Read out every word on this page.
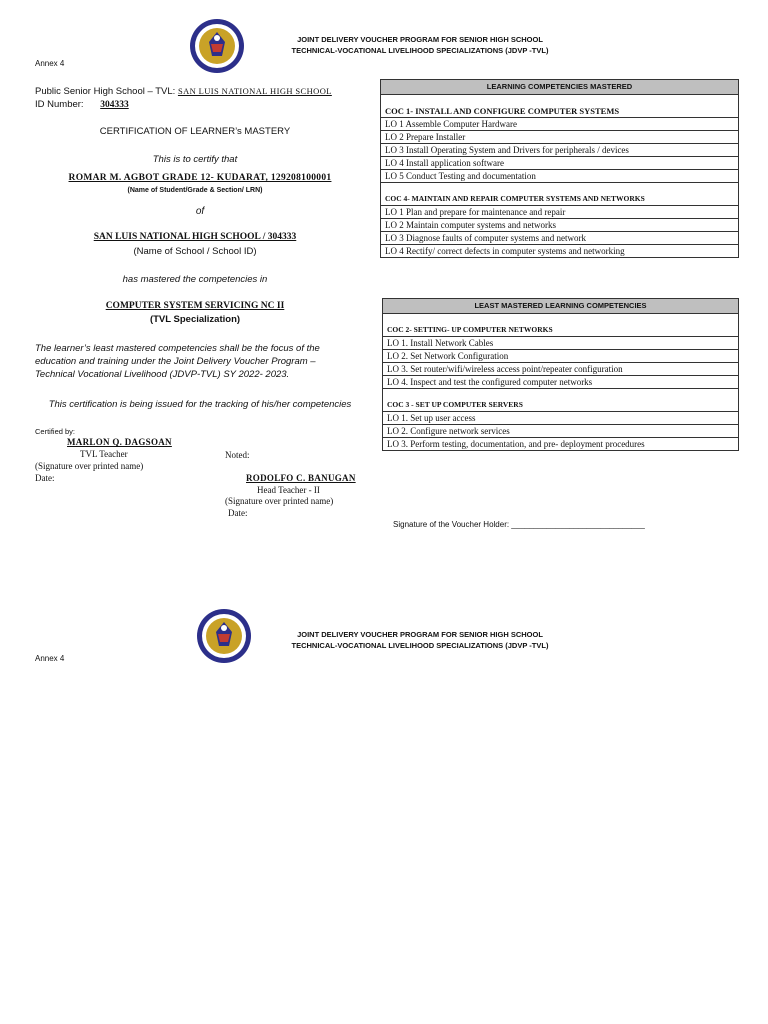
JOINT DELIVERY VOUCHER PROGRAM FOR SENIOR HIGH SCHOOL
TECHNICAL-VOCATIONAL LIVELIHOOD SPECIALIZATIONS (JDVP -TVL)
Annex 4
Public Senior High School – TVL: SAN LUIS NATIONAL HIGH SCHOOL
ID Number: 304333
CERTIFICATION OF LEARNER’s MASTERY
This is to certify that
ROMAR M. AGBOT GRADE 12- KUDARAT, 129208100001
(Name of Student/Grade & Section/ LRN)
of
SAN LUIS NATIONAL HIGH SCHOOL / 304333
(Name of School / School ID)
has mastered the competencies in
COMPUTER SYSTEM SERVICING NC II
(TVL Specialization)
The learner’s least mastered competencies shall be the focus of the education and training under the Joint Delivery Voucher Program – Technical Vocational Livelihood (JDVP-TVL) SY 2022- 2023.
This certification is being issued for the tracking of his/her competencies
Certified by:
MARLON Q. DAGSOAN
TVL Teacher
(Signature over printed name)
Date:
Noted:
RODOLFO C. BANUGAN
Head Teacher - II
(Signature over printed name)
Date:
Signature of the Voucher Holder: ______________________________
LEARNING COMPETENCIES MASTERED

COC 1- INSTALL AND CONFIGURE COMPUTER SYSTEMS
LO 1 Assemble Computer Hardware
LO 2 Prepare Installer
LO 3 Install Operating System and Drivers for peripherals / devices
LO 4 Install application software
LO 5 Conduct Testing and documentation

COC 4- MAINTAIN AND REPAIR COMPUTER SYSTEMS AND NETWORKS
LO 1 Plan and prepare for maintenance and repair
LO 2 Maintain computer systems and networks
LO 3 Diagnose faults of computer systems and network
LO 4 Rectify/ correct defects in computer systems and networking
LEAST MASTERED LEARNING COMPETENCIES

COC 2- SETTING- UP COMPUTER NETWORKS
LO 1. Install Network Cables
LO 2. Set Network Configuration
LO 3. Set router/wifi/wireless access point/repeater configuration
LO 4. Inspect and test the configured computer networks

COC 3 - SET UP COMPUTER SERVERS
LO 1. Set up user access
LO 2. Configure network services
LO 3. Perform testing, documentation, and pre- deployment procedures
JOINT DELIVERY VOUCHER PROGRAM FOR SENIOR HIGH SCHOOL
TECHNICAL-VOCATIONAL LIVELIHOOD SPECIALIZATIONS (JDVP -TVL)
Annex 4
